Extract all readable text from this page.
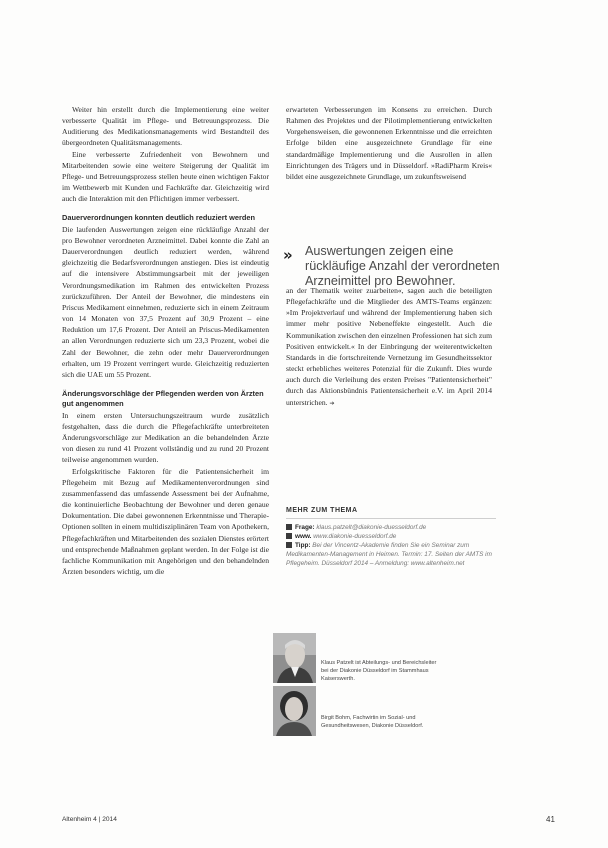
Weiter hin erstellt durch die Implementierung eine weiter verbesserte Qualität im Pflege- und Betreuungsprozess. Die Auditierung des Medikationsmanagements wird Bestandteil des übergeordneten Qualitätsmanagements.

Eine verbesserte Zufriedenheit von Bewohnern und Mitarbeitenden sowie eine weitere Steigerung der Qualität im Pflege- und Betreuungsprozess stellen heute einen wichtigen Faktor im Wettbewerb mit Kunden und Fachkräfte dar. Gleichzeitig wird auch die Interaktion mit den Pflichtigen immer verbessert.

Dauerverordnungen konnten deutlich reduziert werden

Die laufenden Auswertungen zeigen eine rückläufige Anzahl der pro Bewohner verordneten Arzneimittel. Dabei konnte die Zahl an Dauerverordnungen deutlich reduziert werden, während gleichzeitig die Bedarfsverordnungen anstiegen. Dies ist eindeutig auf die intensivere Abstimmungsarbeit mit der jeweiligen Verordnungsmedikation im Rahmen des entwickelten Prozess zurückzuführen. Der Anteil der Bewohner, die mindestens ein Priscus Medikament einnehmen, reduzierte sich in einem Zeitraum von 14 Monaten von 37,5 Prozent auf 30,9 Prozent – eine Reduktion um 17,6 Prozent. Der Anteil an Priscus-Medikamenten an allen Verordnungen reduzierte sich um 23,3 Prozent, wobei die Zahl der Bewohner, die zehn oder mehr Dauerverordnungen erhalten, um 19 Prozent verringert wurde. Gleichzeitig reduzierten sich die UAE um 55 Prozent.

Änderungsvorschläge der Pflegenden werden von Ärzten gut angenommen

In einem ersten Untersuchungszeitraum wurde zusätzlich festgehalten, dass die durch die Pflegefachkräfte unterbreiteten Änderungsvorschläge zur Medikation an die behandelnden Ärzte von diesen zu rund 41 Prozent vollständig und zu rund 20 Prozent teilweise angenommen wurden.

Erfolgskritische Faktoren für die Patientensicherheit im Pflegeheim mit Bezug auf Medikamentenverordnungen sind zusammenfassend das umfassende Assessment bei der Aufnahme, die kontinuierliche Beobachtung der Bewohner und deren genaue Dokumentation. Die dabei gewonnenen Erkenntnisse und Therapie-Optionen sollten in einem multidisziplinären Team von Apothekern, Pflegefachkräften und Mitarbeitenden des sozialen Dienstes erörtert und entsprechende Maßnahmen geplant werden. In der Folge ist die fachliche Kommunikation mit Angehörigen und den behandelnden Ärzten besonders wichtig, um die

erwarteten Verbesserungen im Konsens zu erreichen. Durch Rahmen des Projektes und der Pilotimplementierung entwickelten Vorgehensweisen, die gewonnenen Erkenntnisse und die erreichten Erfolge bilden eine ausgezeichnete Grundlage für eine standardmäßige Implementierung und die Ausrollen in allen Einrichtungen des Trägers und in Düsseldorf. »RadiPharm Kreis« bildet eine ausgezeichnete Grundlage, um zukunftsweisend

» Auswertungen zeigen eine rückläufige Anzahl der verordneten Arzneimittel pro Bewohner.

an der Thematik weiter zuarbeiten«, sagen auch die beteiligten Pflegefachkräfte und die Mitglieder des AMTS-Teams ergänzen: »Im Projektverlauf und während der Implementierung haben sich immer mehr positive Nebeneffekte eingestellt. Auch die Kommunikation zwischen den einzelnen Professionen hat sich zum Positiven entwickelt.« In der Einbringung der weiterentwickelten Standards in die fortschreitende Vernetzung im Gesundheitssektor steckt erhebliches weiteres Potenzial für die Zukunft. Dies wurde auch durch die Verleihung des ersten Preises "Patientensicherheit" durch das Aktionsbündnis Patientensicherheit e.V. im April 2014 unterstrichen. ➔

MEHR ZUM THEMA
Frage: klaus.patzelt@diakonie-duesseldorf.de
www. www.diakonie-duesseldorf.de
Tipp: Bei der Vincentz-Akademie finden Sie ein Seminar zum Medikamenten-Management in Heimen. Termin: 17. Seiten der AMTS im Pflegeheim. Düsseldorf 2014 – Anmeldung: www.altenheim.net
Klaus Patzelt ist Abteilungs- und Bereichsleiter bei der Diakonie Düsseldorf im Stammhaus Kaiserswerth.
Birgit Bohm, Fachwirtin im Sozial- und Gesundheitswesen, Diakonie Düsseldorf.
Altenheim 4 | 2014	41
